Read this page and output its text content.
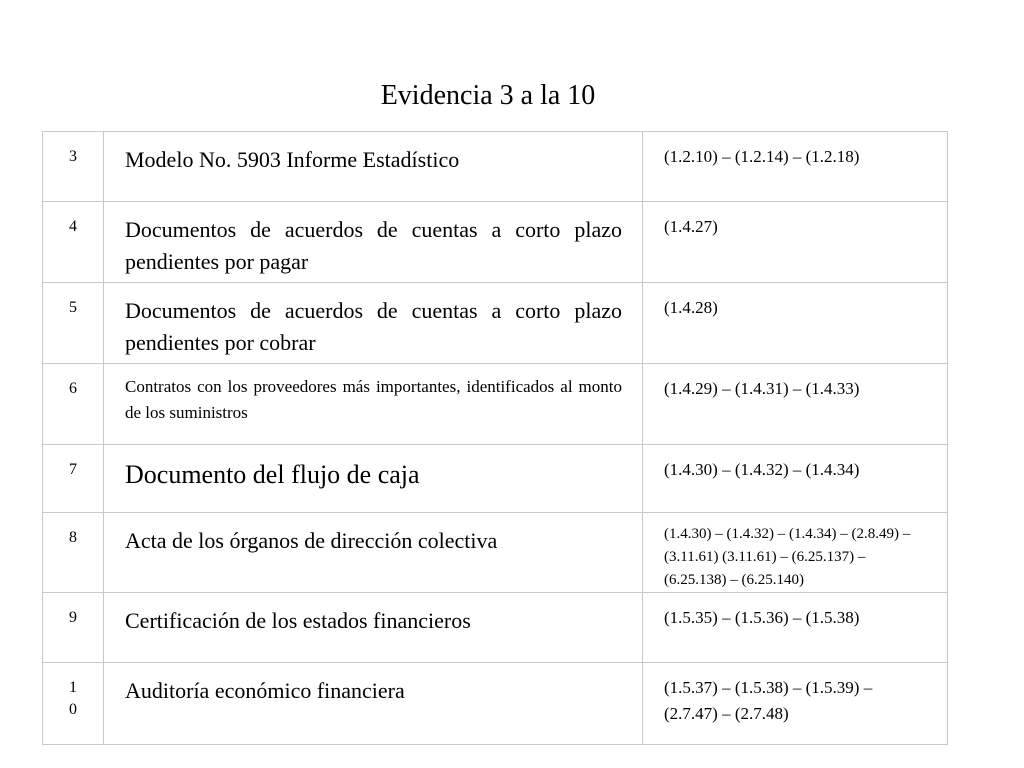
Evidencia 3 a la 10
3	Modelo No. 5903 Informe Estadístico	(1.2.10) – (1.2.14) – (1.2.18)
4	Documentos de acuerdos de cuentas a corto plazo pendientes por pagar	(1.4.27)
5	Documentos de acuerdos de cuentas a corto plazo pendientes por cobrar	(1.4.28)
6	Contratos con los proveedores más importantes, identificados al monto de los suministros	(1.4.29) – (1.4.31) – (1.4.33)
7	Documento del flujo de caja	(1.4.30) – (1.4.32) – (1.4.34)
8	Acta de los órganos de dirección colectiva	(1.4.30) – (1.4.32) – (1.4.34) – (2.8.49) – (3.11.61) (3.11.61) – (6.25.137) – (6.25.138) – (6.25.140)
9	Certificación de los estados financieros	(1.5.35) – (1.5.36) – (1.5.38)
10	Auditoría económico financiera	(1.5.37) – (1.5.38) – (1.5.39) – (2.7.47) – (2.7.48)
